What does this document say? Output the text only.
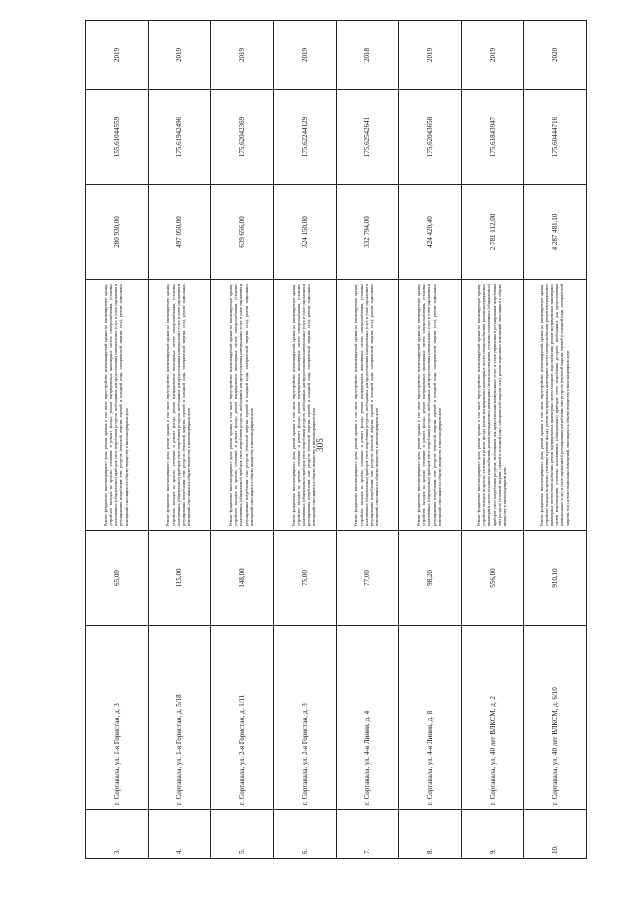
305
3.	г. Сортавала, ул. 1-я Гористая, д. 3	65,00	Ремонт фундамента многоквартирного дома, ремонт крыши, в том числе переустройство невентилируемой крыши на вентилируемую крышу, устройство выходов на кровлю, утепление и ремонт фасада, ремонт внутридомовых инженерных систем электроснабжения, установка коллективных (общедомовых) приборов учета потребления ресурсов, необходимых для предоставления коммунальных услуг, и узлов управления и регулирования потребления этих ресурсов (тепловой энергии, горячей и холодной воды, электрической энергии, газа), ремонт подвальных помещений, относящихся к общему имуществу в многоквартирном доме	280 930,00	155,61044559	2019
4.	г. Сортавала, ул. 1-я Гористая, д. 5/18	115,00	Ремонт фундамента многоквартирного дома, ремонт крыши, в том числе переустройство невентилируемой крыши на вентилируемую крышу, устройство выходов на кровлю, утепление и ремонт фасада, ремонт внутридомовых инженерных систем электроснабжения, установка коллективных (общедомовых) приборов учета потребления ресурсов, необходимых для предоставления коммунальных услуг, и узлов управления и регулирования потребления этих ресурсов (тепловой энергии, горячей и холодной воды, электрической энергии, газа), ремонт подвальных помещений, относящихся к общему имуществу в многоквартирном доме	497 050,00	175,61942496	2019
5.	г. Сортавала, ул. 2-я Гористая, д. 1/11	148,00	Ремонт фундамента многоквартирного дома, ремонт крыши, в том числе переустройство невентилируемой крыши на вентилируемую крышу, устройство выходов на кровлю, утепление и ремонт фасада, ремонт внутридомовых инженерных систем электроснабжения, установка коллективных (общедомовых) приборов учета потребления ресурсов, необходимых для предоставления коммунальных услуг, и узлов управления и регулирования потребления этих ресурсов (тепловой энергии, горячей и холодной воды, электрической энергии, газа), ремонт подвальных помещений, относящихся к общему имуществу в многоквартирном доме	639 656,00	175,62042369	2019
6.	г. Сортавала, ул. 2-я Гористая, д. 3	75,00	Ремонт фундамента многоквартирного дома, ремонт крыши, в том числе переустройство невентилируемой крыши на вентилируемую крышу, устройство выходов на кровлю, утепление и ремонт фасада, ремонт внутридомовых инженерных систем электроснабжения, установка коллективных (общедомовых) приборов учета потребления ресурсов, необходимых для предоставления коммунальных услуг, и узлов управления и регулирования потребления этих ресурсов (тепловой энергии, горячей и холодной воды, электрической энергии, газа), ремонт подвальных помещений, относящихся к общему имуществу в многоквартирном доме	324 150,00	175,62244129	2019
7.	г. Сортавала, ул. 4-я Линия, д. 4	77,00	Ремонт фундамента многоквартирного дома, ремонт крыши, в том числе переустройство невентилируемой крыши на вентилируемую крышу, устройство выходов на кровлю, утепление и ремонт фасада, ремонт внутридомовых инженерных систем электроснабжения, установка коллективных (общедомовых) приборов учета потребления ресурсов, необходимых для предоставления коммунальных услуг, и узлов управления и регулирования потребления этих ресурсов (тепловой энергии, горячей и холодной воды, электрической энергии, газа), ремонт подвальных помещений, относящихся к общему имуществу в многоквартирном доме	332 794,00	175,62542641	2018
8.	г. Сортавала, ул. 4-я Линия, д. 8	98,20	Ремонт фундамента многоквартирного дома, ремонт крыши, в том числе переустройство невентилируемой крыши на вентилируемую крышу, устройство выходов на кровлю, утепление и ремонт фасада, ремонт внутридомовых инженерных систем электроснабжения, установка коллективных (общедомовых) приборов учета потребления ресурсов, необходимых для предоставления коммунальных услуг, и узлов управления и регулирования потребления этих ресурсов (тепловой энергии, горячей и холодной воды, электрической энергии, газа), ремонт подвальных помещений, относящихся к общему имуществу в многоквартирном доме	424 420,40	175,62043658	2019
9.	г. Сортавала, ул. 40 лет ВЛКСМ, д. 2	556,00	Ремонт фундамента многоквартирного дома, ремонт крыши, в том числе переустройство невентилируемой крыши на вентилируемую крышу, устройство выходов на кровлю, утепление и ремонт фасада, ремонт внутридомовых инженерных систем электроснабжения, ремонт внутридомовых инженерных систем холодного водоснабжения, ремонт внутридомовых инженерных систем водоотведения, установка коллективных (общедомовых) приборов учета потребления ресурсов, необходимых для предоставления коммунальных услуг, и узлов управления и регулирования потребления этих ресурсов (тепловой энергии, горячей и холодной воды, электрической энергии, газа), ремонт подвальных помещений, относящихся к общему имуществу в многоквартирном доме	2 781 112,00	175,61843947	2019
10.	г. Сортавала, ул. 40 лет ВЛКСМ, д. 6/10	910,10	Ремонт фундамента многоквартирного дома, ремонт крыши, в том числе переустройство невентилируемой крыши на вентилируемую крышу, устройство выходов на кровлю, утепление и ремонт фасада, ремонт внутридомовых инженерных систем электроснабжения, ремонт внутридомовых инженерных систем теплоснабжения, ремонт внутридомовых инженерных систем холодного водоснабжения, ремонт внутридомовых инженерных систем водоотведения, установка коллективных (общедомовых) приборов учета потребления ресурсов, необходимых для предоставления коммунальных услуг, и узлов управления и регулирования потребления этих ресурсов (тепловой энергии, горячей и холодной воды, электрической энергии, газа), ремонт подвальных помещений, относящихся к общему имуществу в многоквартирном доме	4 287 481,10	175,60444716	2020
